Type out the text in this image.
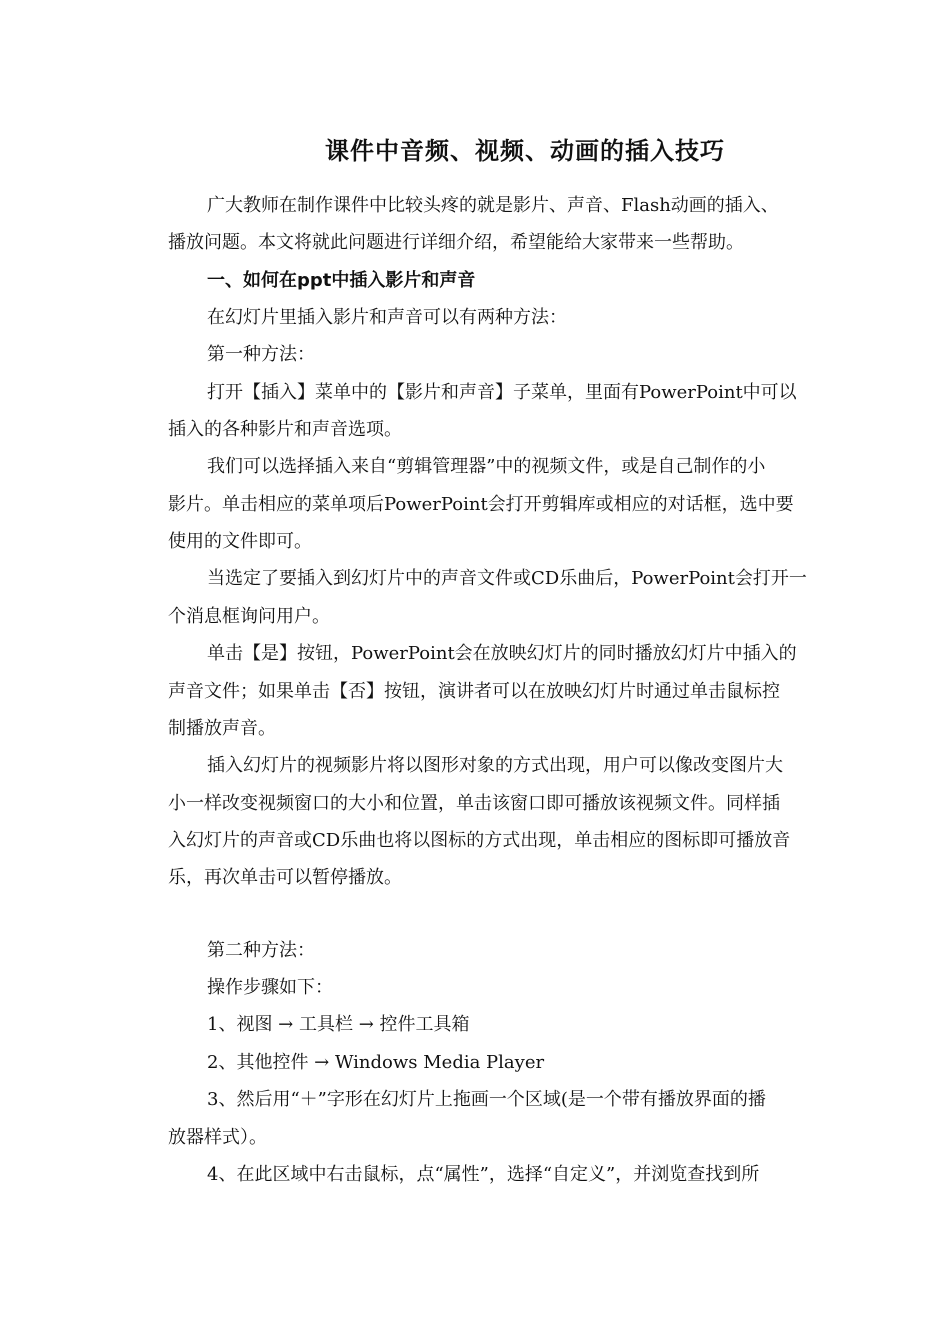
课件中音频、视频、动画的插入技巧
广大教师在制作课件中比较头疼的就是影片、声音、Flash动画的插入、
播放问题。本文将就此问题进行详细介绍，希望能给大家带来一些帮助。
一、如何在ppt中插入影片和声音
在幻灯片里插入影片和声音可以有两种方法：
第一种方法：
打开【插入】菜单中的【影片和声音】子菜单，里面有PowerPoint中可以
插入的各种影片和声音选项。
我们可以选择插入来自“剪辑管理器”中的视频文件，或是自己制作的小
影片。单击相应的菜单项后PowerPoint会打开剪辑库或相应的对话框，选中要
使用的文件即可。
当选定了要插入到幻灯片中的声音文件或CD乐曲后，PowerPoint会打开一
个消息框询问用户。
单击【是】按钮，PowerPoint会在放映幻灯片的同时播放幻灯片中插入的
声音文件；如果单击【否】按钮，演讲者可以在放映幻灯片时通过单击鼠标控
制播放声音。
插入幻灯片的视频影片将以图形对象的方式出现，用户可以像改变图片大
小一样改变视频窗口的大小和位置，单击该窗口即可播放该视频文件。同样插
入幻灯片的声音或CD乐曲也将以图标的方式出现，单击相应的图标即可播放音
乐，再次单击可以暂停播放。
第二种方法：
操作步骤如下：
1、视图 → 工具栏 → 控件工具箱
2、其他控件 → Windows Media Player
3、然后用“＋”字形在幻灯片上拖画一个区域(是一个带有播放界面的播
放器样式）。
4、在此区域中右击鼠标，点“属性”，选择“自定义”，并浏览查找到所
